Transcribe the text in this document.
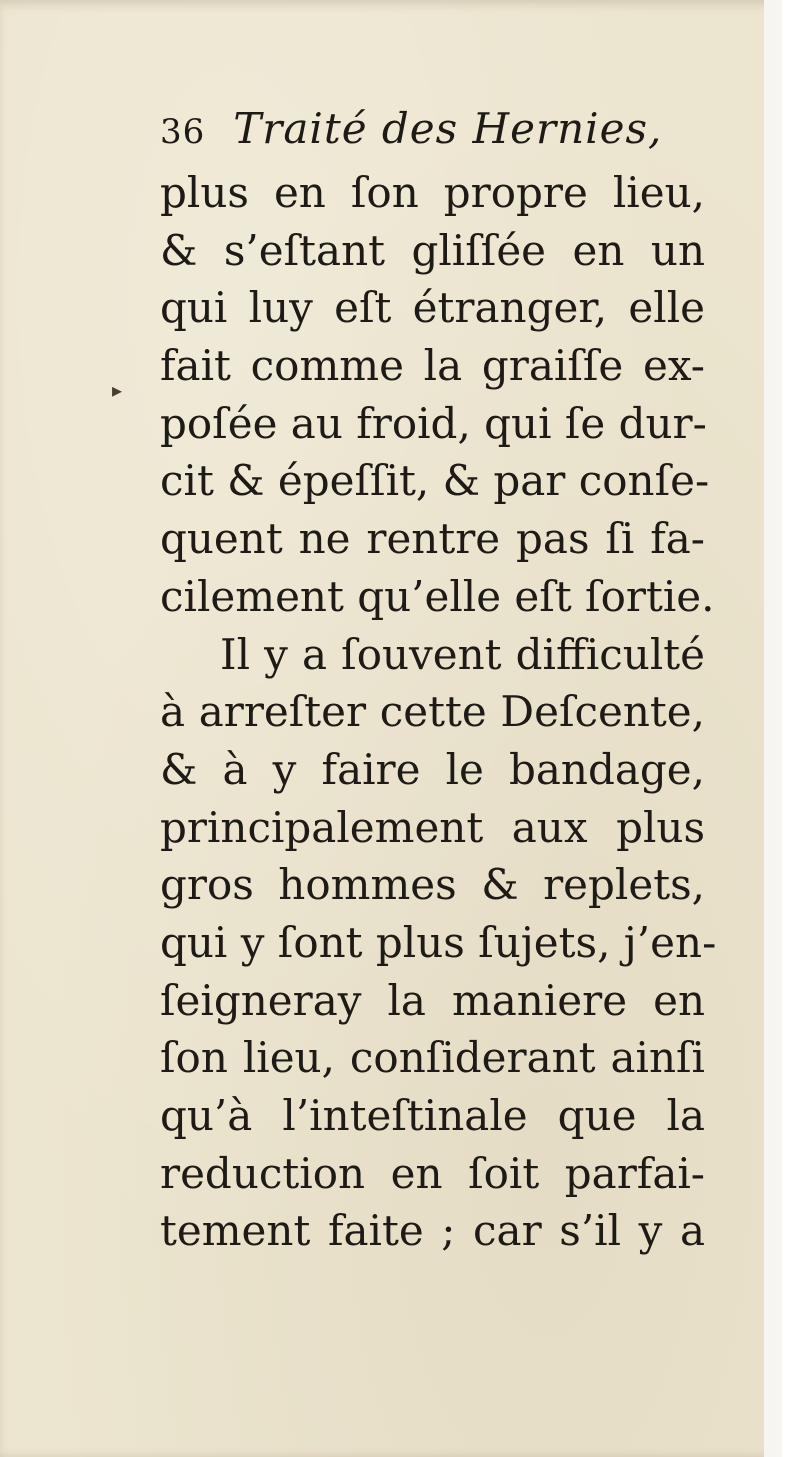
▸
36 Traité des Hernies,
plus en ſon propre lieu,
& s’eſtant gliſſée en un
qui luy eſt étranger, elle
fait comme la graiſſe ex-
poſée au froid, qui ſe dur-
cit & épeſſit, & par conſe-
quent ne rentre pas ſi fa-
cilement qu’elle eſt ſortie.
Il y a ſouvent difficulté
à arreſter cette Deſcente,
& à y faire le bandage,
principalement aux plus
gros hommes & replets,
qui y ſont plus ſujets, j’en-
ſeigneray la maniere en
ſon lieu, conſiderant ainſi
qu’à l’inteſtinale que la
reduction en ſoit parfai-
tement faite ; car s’il y a
